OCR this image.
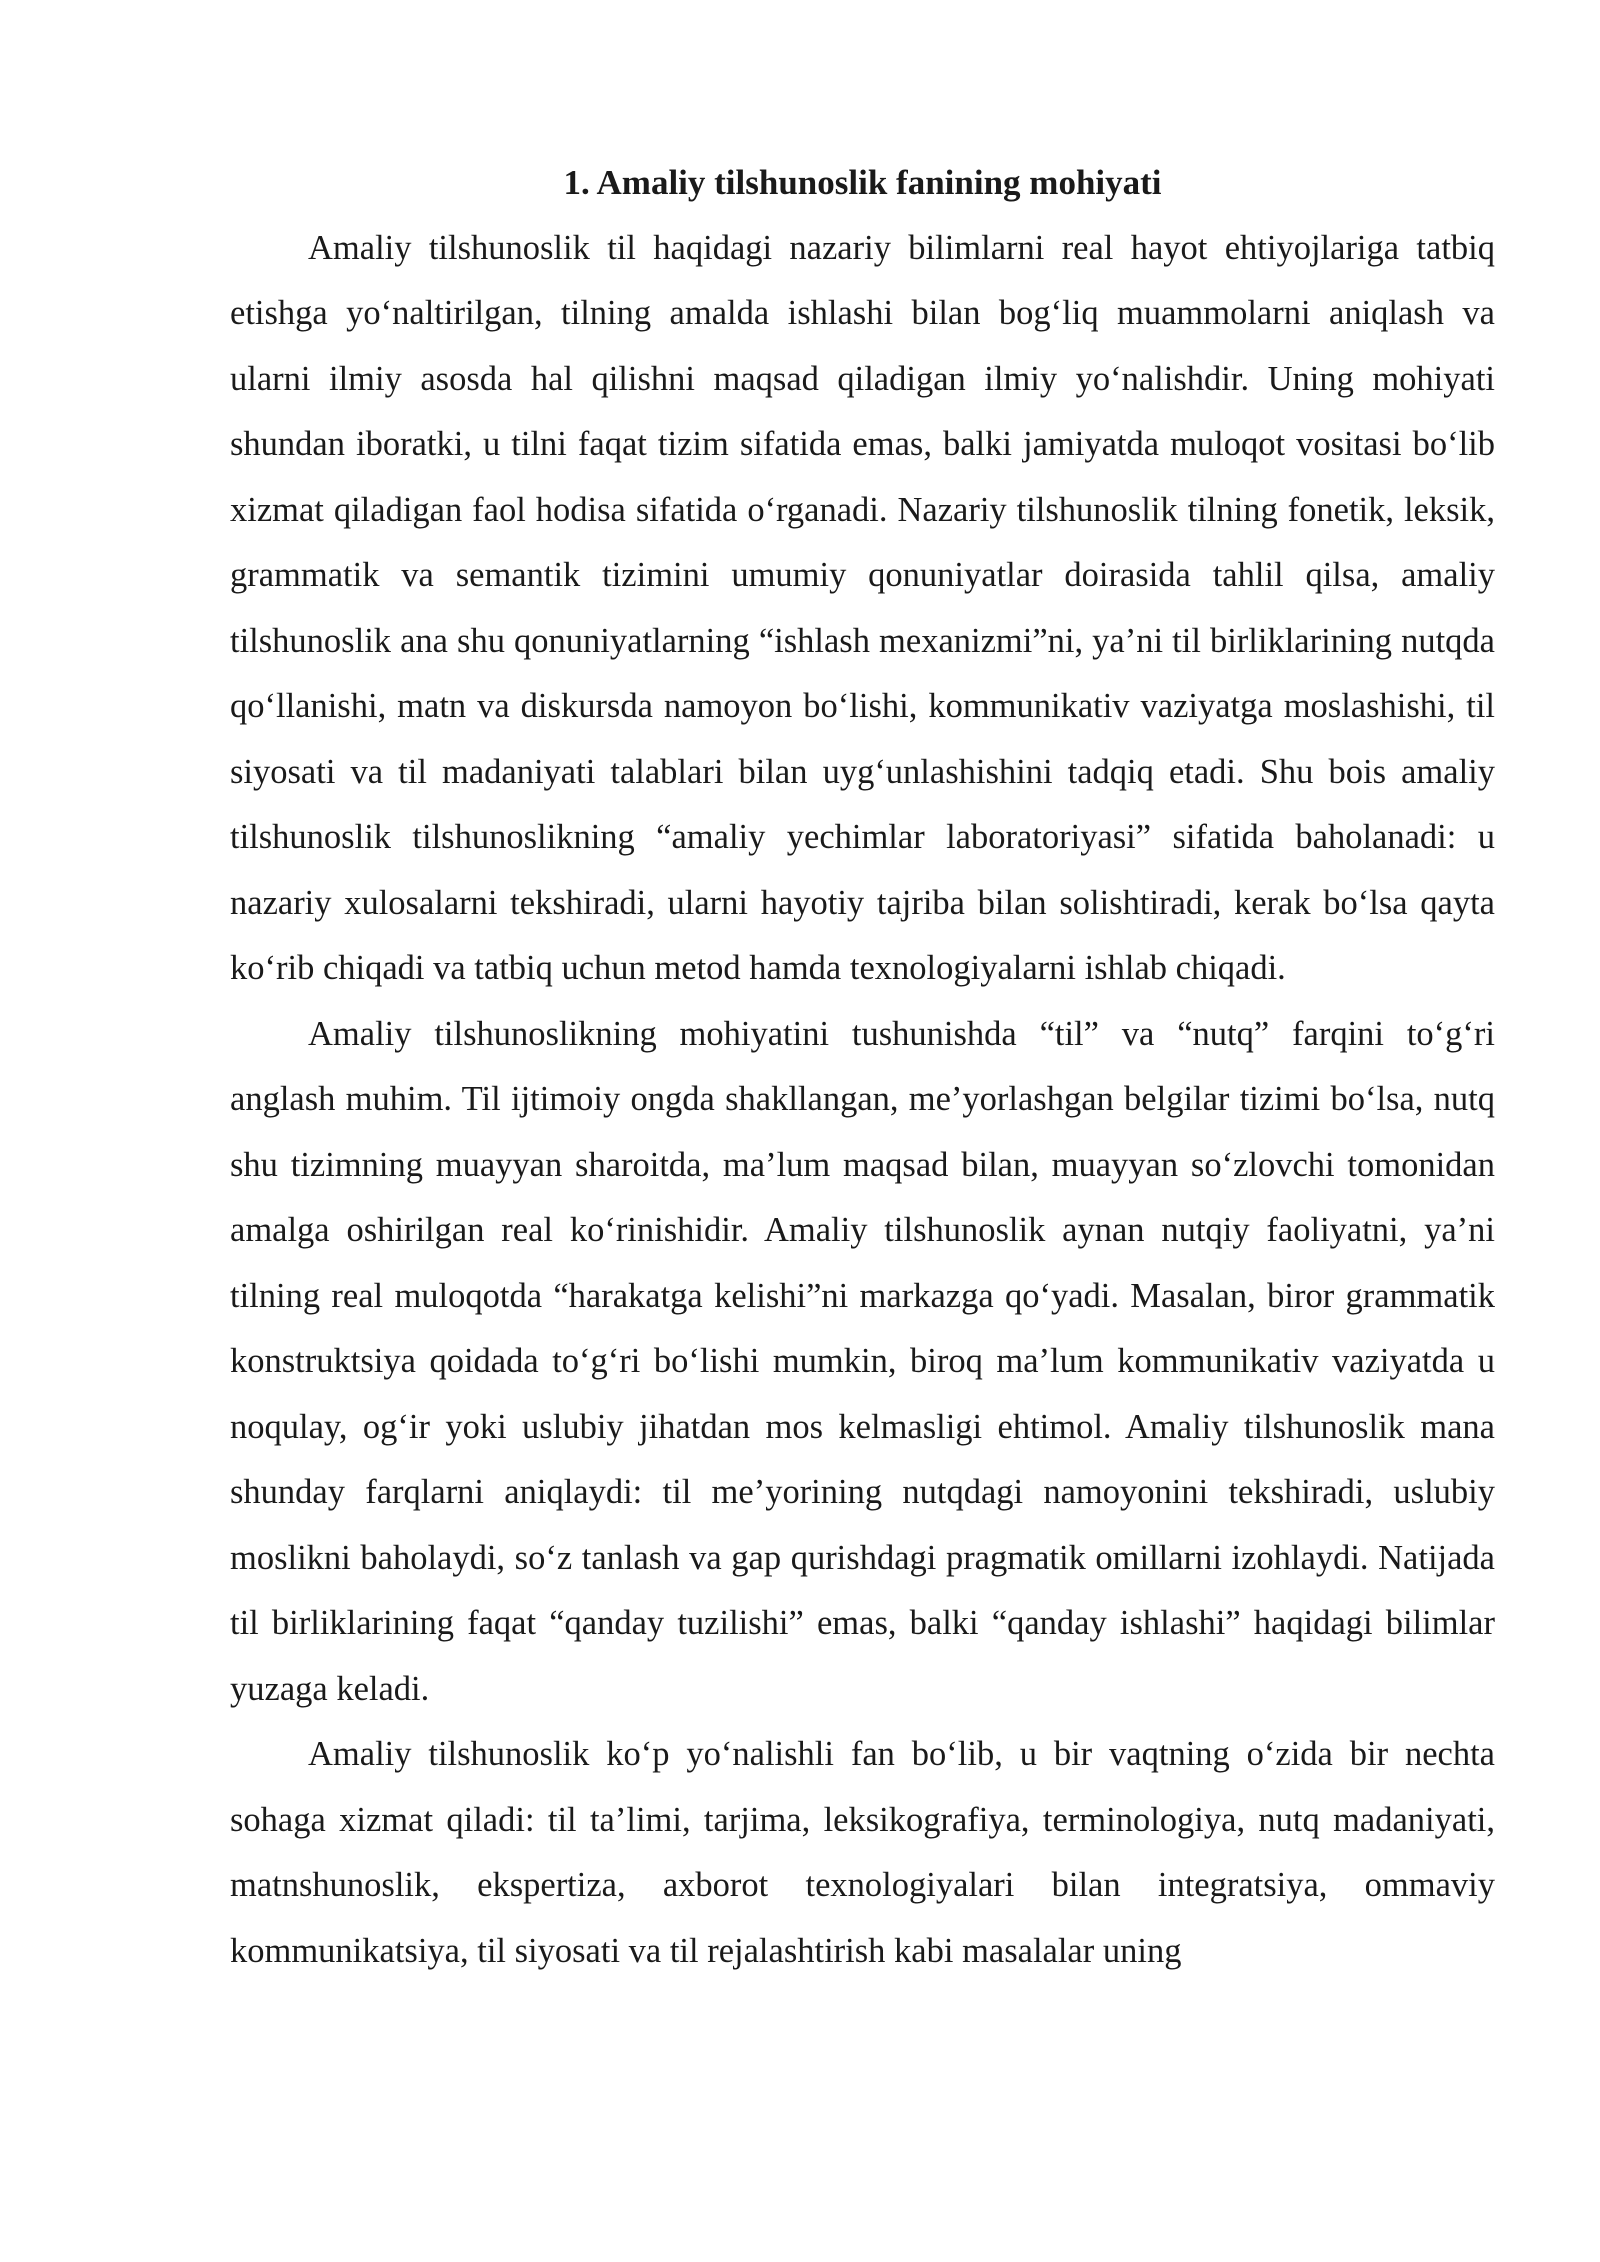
1. Amaliy tilshunoslik fanining mohiyati

Amaliy tilshunoslik til haqidagi nazariy bilimlarni real hayot ehtiyojlariga tatbiq etishga yo‘naltirilgan, tilning amalda ishlashi bilan bog‘liq muammolarni aniqlash va ularni ilmiy asosda hal qilishni maqsad qiladigan ilmiy yo‘nalishdir. Uning mohiyati shundan iboratki, u tilni faqat tizim sifatida emas, balki jamiyatda muloqot vositasi bo‘lib xizmat qiladigan faol hodisa sifatida o‘rganadi. Nazariy tilshunoslik tilning fonetik, leksik, grammatik va semantik tizimini umumiy qonuniyatlar doirasida tahlil qilsa, amaliy tilshunoslik ana shu qonuniyatlarning “ishlash mexanizmi”ni, ya’ni til birliklarining nutqda qo‘llanishi, matn va diskursda namoyon bo‘lishi, kommunikativ vaziyatga moslashishi, til siyosati va til madaniyati talablari bilan uyg‘unlashishini tadqiq etadi. Shu bois amaliy tilshunoslik tilshunoslikning “amaliy yechimlar laboratoriyasi” sifatida baholanadi: u nazariy xulosalarni tekshiradi, ularni hayotiy tajriba bilan solishtiradi, kerak bo‘lsa qayta ko‘rib chiqadi va tatbiq uchun metod hamda texnologiyalarni ishlab chiqadi.

Amaliy tilshunoslikning mohiyatini tushunishda “til” va “nutq” farqini to‘g‘ri anglash muhim. Til ijtimoiy ongda shakllangan, me’yorlashgan belgilar tizimi bo‘lsa, nutq shu tizimning muayyan sharoitda, ma’lum maqsad bilan, muayyan so‘zlovchi tomonidan amalga oshirilgan real ko‘rinishidir. Amaliy tilshunoslik aynan nutqiy faoliyatni, ya’ni tilning real muloqotda “harakatga kelishi”ni markazga qo‘yadi. Masalan, biror grammatik konstruktsiya qoidada to‘g‘ri bo‘lishi mumkin, biroq ma’lum kommunikativ vaziyatda u noqulay, og‘ir yoki uslubiy jihatdan mos kelmasligi ehtimol. Amaliy tilshunoslik mana shunday farqlarni aniqlaydi: til me’yorining nutqdagi namoyonini tekshiradi, uslubiy moslikni baholaydi, so‘z tanlash va gap qurishdagi pragmatik omillarni izohlaydi. Natijada til birliklarining faqat “qanday tuzilishi” emas, balki “qanday ishlashi” haqidagi bilimlar yuzaga keladi.

Amaliy tilshunoslik ko‘p yo‘nalishli fan bo‘lib, u bir vaqtning o‘zida bir nechta sohaga xizmat qiladi: til ta’limi, tarjima, leksikografiya, terminologiya, nutq madaniyati, matnshunoslik, ekspertiza, axborot texnologiyalari bilan integratsiya, ommaviy kommunikatsiya, til siyosati va til rejalashtirish kabi masalalar uning
